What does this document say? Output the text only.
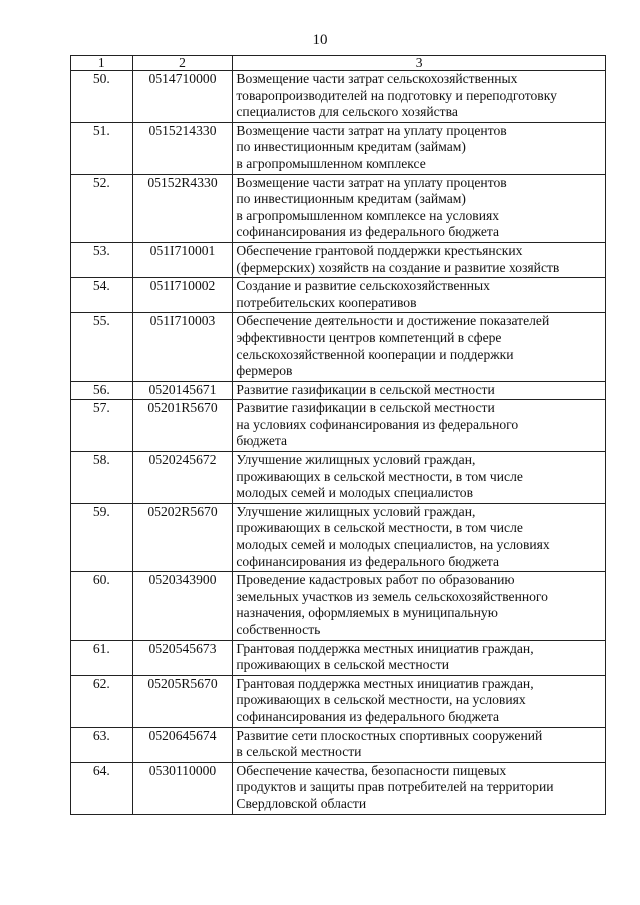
10
1	2	3
50.	0514710000	Возмещение части затрат сельскохозяйственных
товаропроизводителей на подготовку и переподготовку
специалистов для сельского хозяйства

51.	0515214330	Возмещение части затрат на уплату процентов
по инвестиционным кредитам (займам)
в агропромышленном комплексе

52.	05152R4330	Возмещение части затрат на уплату процентов
по инвестиционным кредитам (займам)
в агропромышленном комплексе на условиях
софинансирования из федерального бюджета

53.	051I710001	Обеспечение грантовой поддержки крестьянских
(фермерских) хозяйств на создание и развитие хозяйств

54.	051I710002	Создание и развитие сельскохозяйственных
потребительских кооперативов

55.	051I710003	Обеспечение деятельности и достижение показателей
эффективности центров компетенций в сфере
сельскохозяйственной кооперации и поддержки
фермеров

56.	0520145671	Развитие газификации в сельской местности

57.	05201R5670	Развитие газификации в сельской местности
на условиях софинансирования из федерального
бюджета

58.	0520245672	Улучшение жилищных условий граждан,
проживающих в сельской местности, в том числе
молодых семей и молодых специалистов

59.	05202R5670	Улучшение жилищных условий граждан,
проживающих в сельской местности, в том числе
молодых семей и молодых специалистов, на условиях
софинансирования из федерального бюджета

60.	0520343900	Проведение кадастровых работ по образованию
земельных участков из земель сельскохозяйственного
назначения, оформляемых в муниципальную
собственность

61.	0520545673	Грантовая поддержка местных инициатив граждан,
проживающих в сельской местности

62.	05205R5670	Грантовая поддержка местных инициатив граждан,
проживающих в сельской местности, на условиях
софинансирования из федерального бюджета

63.	0520645674	Развитие сети плоскостных спортивных сооружений
в сельской местности

64.	0530110000	Обеспечение качества, безопасности пищевых
продуктов и защиты прав потребителей на территории
Свердловской области
